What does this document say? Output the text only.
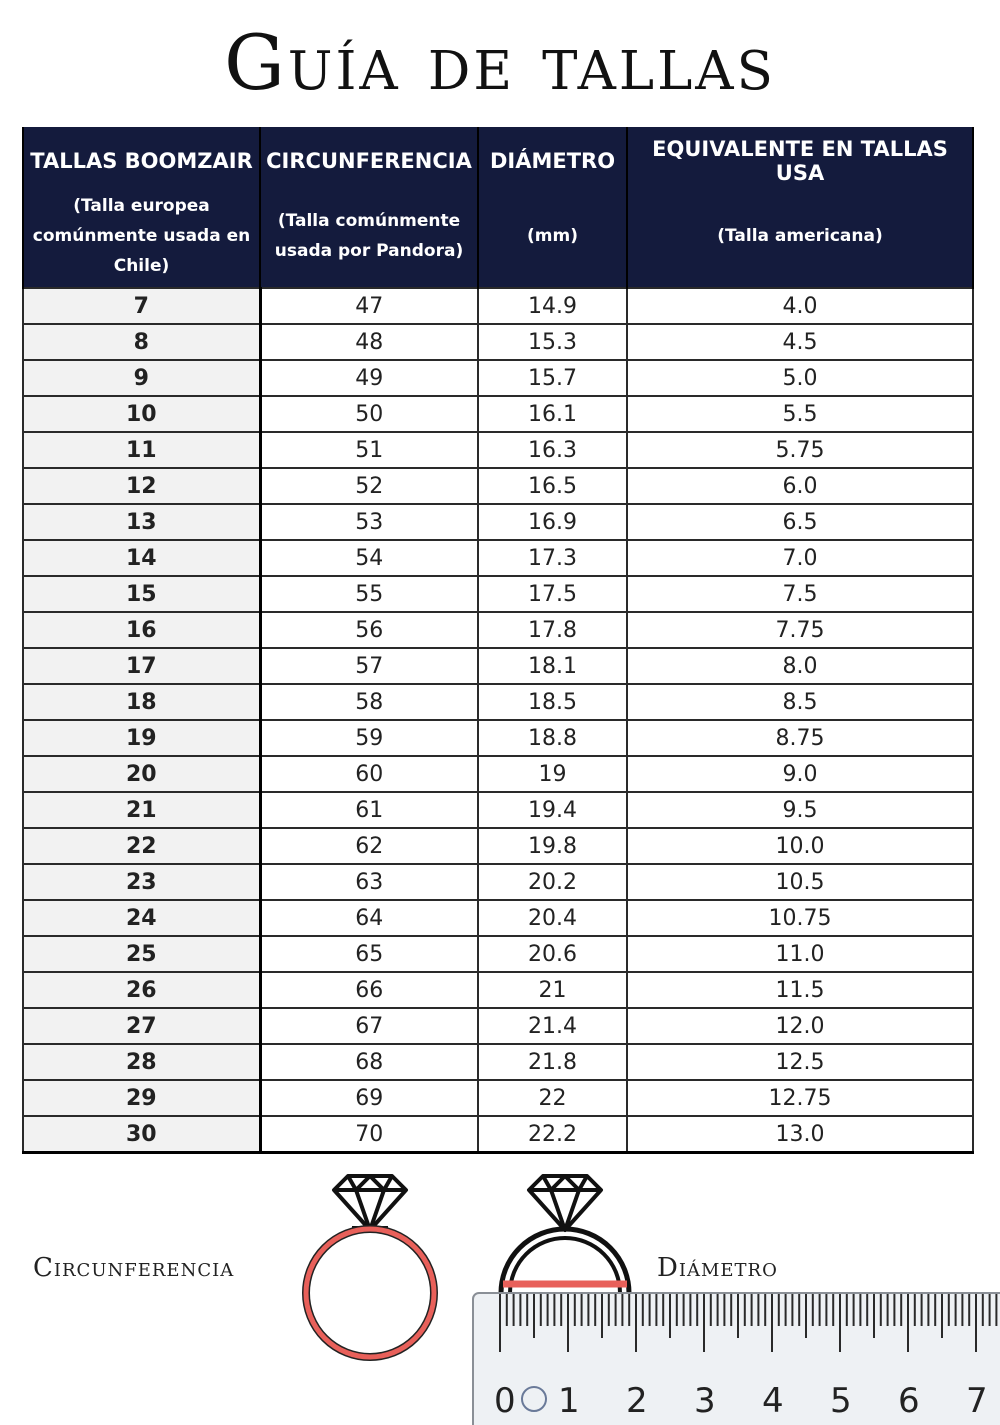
Guía de tallas
TALLAS BOOMZAIR	CIRCUNFERENCIA	DIÁMETRO	EQUIVALENTE EN TALLAS USA
(Talla europea comúnmente usada en Chile)	(Talla comúnmente usada por Pandora)	(mm)	(Talla americana)
7	47	14.9	4.0
8	48	15.3	4.5
9	49	15.7	5.0
10	50	16.1	5.5
11	51	16.3	5.75
12	52	16.5	6.0
13	53	16.9	6.5
14	54	17.3	7.0
15	55	17.5	7.5
16	56	17.8	7.75
17	57	18.1	8.0
18	58	18.5	8.5
19	59	18.8	8.75
20	60	19	9.0
21	61	19.4	9.5
22	62	19.8	10.0
23	63	20.2	10.5
24	64	20.4	10.75
25	65	20.6	11.0
26	66	21	11.5
27	67	21.4	12.0
28	68	21.8	12.5
29	69	22	12.75
30	70	22.2	13.0
Circunferencia	Diámetro
0 1 2 3 4 5 6 7
